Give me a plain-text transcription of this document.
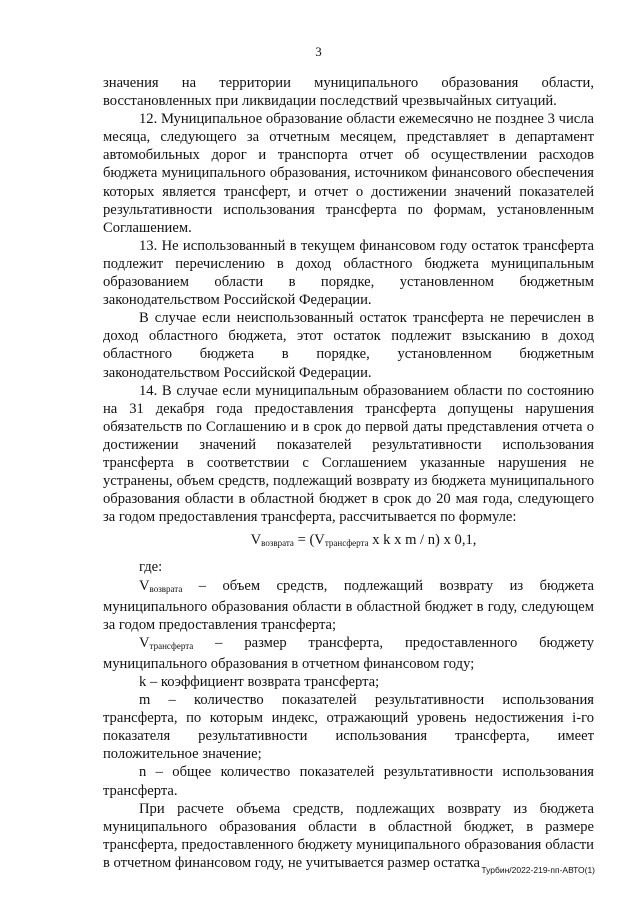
3

значения на территории муниципального образования области, восстановленных при ликвидации последствий чрезвычайных ситуаций.

12. Муниципальное образование области ежемесячно не позднее 3 числа месяца, следующего за отчетным месяцем, представляет в департамент автомобильных дорог и транспорта отчет об осуществлении расходов бюджета муниципального образования, источником финансового обеспечения которых является трансферт, и отчет о достижении значений показателей результативности использования трансферта по формам, установленным Соглашением.

13. Не использованный в текущем финансовом году остаток трансферта подлежит перечислению в доход областного бюджета муниципальным образованием области в порядке, установленном бюджетным законодательством Российской Федерации.

В случае если неиспользованный остаток трансферта не перечислен в доход областного бюджета, этот остаток подлежит взысканию в доход областного бюджета в порядке, установленном бюджетным законодательством Российской Федерации.

14. В случае если муниципальным образованием области по состоянию на 31 декабря года предоставления трансферта допущены нарушения обязательств по Соглашению и в срок до первой даты представления отчета о достижении значений показателей результативности использования трансферта в соответствии с Соглашением указанные нарушения не устранены, объем средств, подлежащий возврату из бюджета муниципального образования области в областной бюджет в срок до 20 мая года, следующего за годом предоставления трансферта, рассчитывается по формуле:

$V_{возврата} = (V_{трансферта}$ x k x m / n) x 0,1,

где:

$V_{возврата}$ – объем средств, подлежащий возврату из бюджета муниципального образования области в областной бюджет в году, следующем за годом предоставления трансферта;

$V_{трансферта}$ – размер трансферта, предоставленного бюджету муниципального образования в отчетном финансовом году;

k – коэффициент возврата трансферта;

m – количество показателей результативности использования трансферта, по которым индекс, отражающий уровень недостижения i-го показателя результативности использования трансферта, имеет положительное значение;

n – общее количество показателей результативности использования трансферта.

При расчете объема средств, подлежащих возврату из бюджета муниципального образования области в областной бюджет, в размере трансферта, предоставленного бюджету муниципального образования области в отчетном финансовом году, не учитывается размер остатка Турбин/2022-219-пп-АВТО(1)
